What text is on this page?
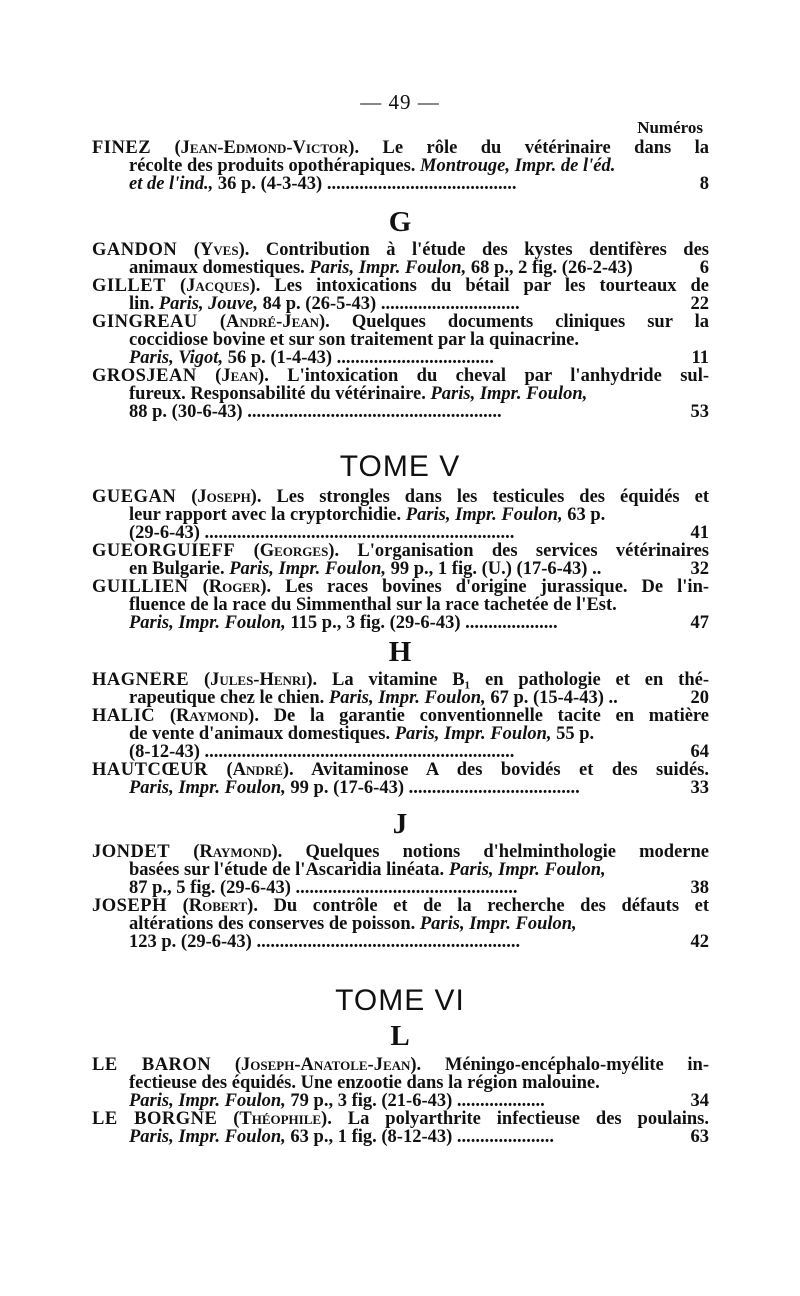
— 49 —
Numéros
FINEZ (Jean-Edmond-Victor). Le rôle du vétérinaire dans la
récolte des produits opothérapiques. Montrouge, Impr. de l'éd.
et de l'ind., 36 p. (4-3-43) .........................................	8
G
GANDON (Yves). Contribution à l'étude des kystes dentifères des
animaux domestiques. Paris, Impr. Foulon, 68 p., 2 fig. (26-2-43)	6
GILLET (Jacques). Les intoxications du bétail par les tourteaux de
lin. Paris, Jouve, 84 p. (26-5-43) ..............................	22
GINGREAU (André-Jean). Quelques documents cliniques sur la
coccidiose bovine et sur son traitement par la quinacrine.
Paris, Vigot, 56 p. (1-4-43) ..................................	11
GROSJEAN (Jean). L'intoxication du cheval par l'anhydride sul-
fureux. Responsabilité du vétérinaire. Paris, Impr. Foulon,
88 p. (30-6-43) .......................................................	53
TOME V
GUEGAN (Joseph). Les strongles dans les testicules des équidés et
leur rapport avec la cryptorchidie. Paris, Impr. Foulon, 63 p.
(29-6-43) ...................................................................	41
GUEORGUIEFF (Georges). L'organisation des services vétérinaires
en Bulgarie. Paris, Impr. Foulon, 99 p., 1 fig. (U.) (17-6-43) ..	32
GUILLIEN (Roger). Les races bovines d'origine jurassique. De l'in-
fluence de la race du Simmenthal sur la race tachetée de l'Est.
Paris, Impr. Foulon, 115 p., 3 fig. (29-6-43) ....................	47
H
HAGNÈRE (Jules-Henri). La vitamine B₁ en pathologie et en thé-
rapeutique chez le chien. Paris, Impr. Foulon, 67 p. (15-4-43) ..	20
HALIC (Raymond). De la garantie conventionnelle tacite en matière
de vente d'animaux domestiques. Paris, Impr. Foulon, 55 p.
(8-12-43) ...................................................................	64
HAUTCŒUR (André). Avitaminose A des bovidés et des suidés.
Paris, Impr. Foulon, 99 p. (17-6-43) .....................................	33
J
JONDET (Raymond). Quelques notions d'helminthologie moderne
basées sur l'étude de l'Ascaridia linéata. Paris, Impr. Foulon,
87 p., 5 fig. (29-6-43) ................................................	38
JOSEPH (Robert). Du contrôle et de la recherche des défauts et
altérations des conserves de poisson. Paris, Impr. Foulon,
123 p. (29-6-43) .........................................................	42
TOME VI
L
LE BARON (Joseph-Anatole-Jean). Méningo-encéphalo-myélite in-
fectieuse des équidés. Une enzootie dans la région malouine.
Paris, Impr. Foulon, 79 p., 3 fig. (21-6-43) ...................	34
LE BORGNE (Théophile). La polyarthrite infectieuse des poulains.
Paris, Impr. Foulon, 63 p., 1 fig. (8-12-43) .....................	63
